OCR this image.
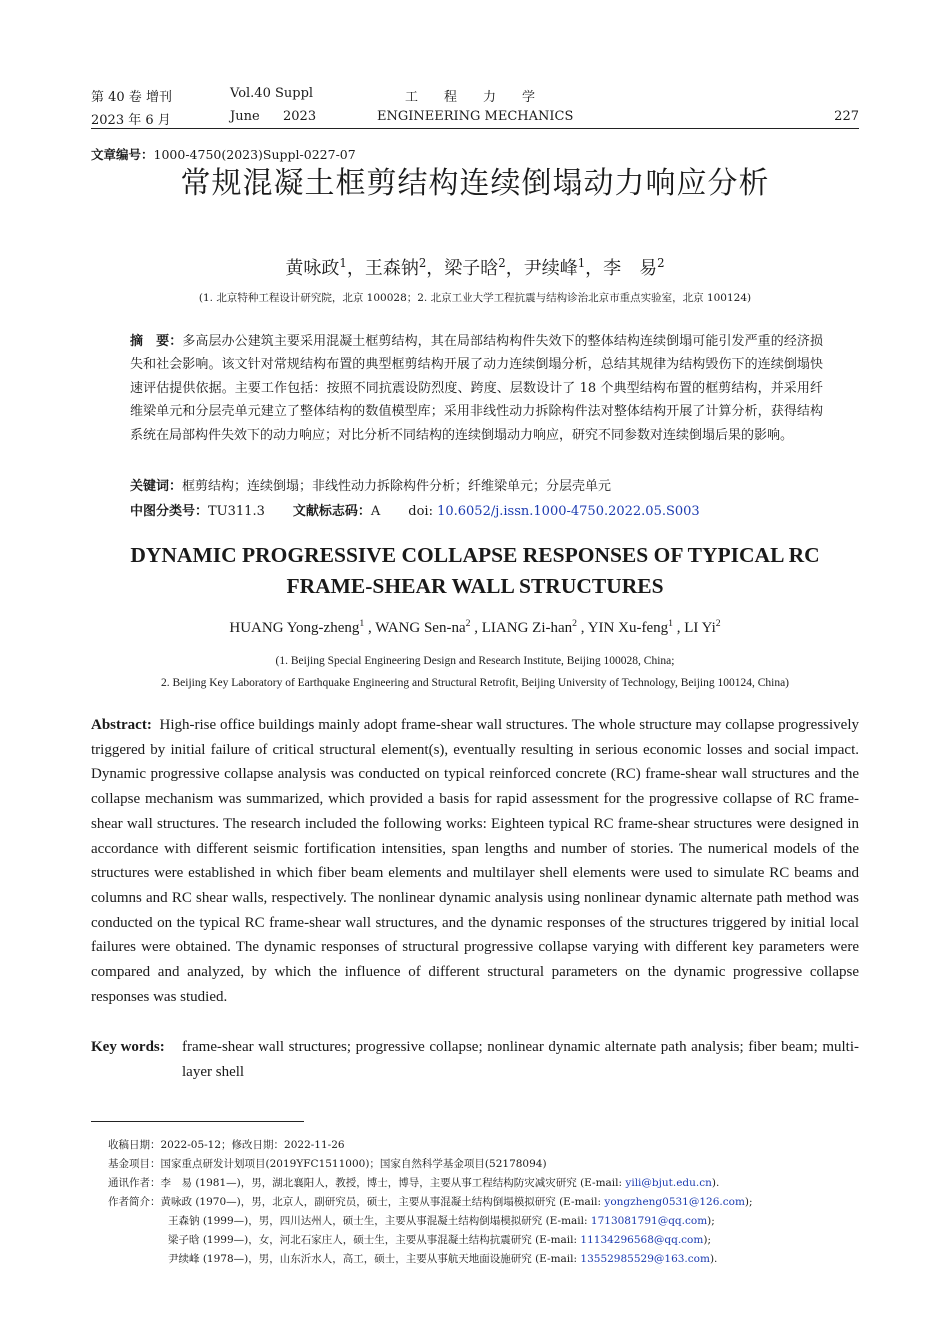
第 40 卷 增刊	Vol.40 Suppl	工　　程　　力　　学
2023 年 6 月	June 2023	ENGINEERING MECHANICS	227
文章编号：1000-4750(2023)Suppl-0227-07
常规混凝土框剪结构连续倒塌动力响应分析
黄咏政$^1$，王森钠$^2$，梁子晗$^2$，尹续峰$^1$，李　易$^2$
(1. 北京特种工程设计研究院，北京 100028；2. 北京工业大学工程抗震与结构诊治北京市重点实验室，北京 100124)
摘　要：多高层办公建筑主要采用混凝土框剪结构，其在局部结构构件失效下的整体结构连续倒塌可能引发严重的经济损失和社会影响。该文针对常规结构布置的典型框剪结构开展了动力连续倒塌分析，总结其规律为结构毁伤下的连续倒塌快速评估提供依据。主要工作包括：按照不同抗震设防烈度、跨度、层数设计了 18 个典型结构布置的框剪结构，并采用纤维梁单元和分层壳单元建立了整体结构的数值模型库；采用非线性动力拆除构件法对整体结构开展了计算分析，获得结构系统在局部构件失效下的动力响应；对比分析不同结构的连续倒塌动力响应，研究不同参数对连续倒塌后果的影响。
关键词：框剪结构；连续倒塌；非线性动力拆除构件分析；纤维梁单元；分层壳单元
中图分类号：TU311.3 文献标志码：A doi: 10.6052/j.issn.1000-4750.2022.05.S003
DYNAMIC PROGRESSIVE COLLAPSE RESPONSES OF TYPICAL RC
FRAME-SHEAR WALL STRUCTURES
HUANG Yong-zheng$^1$ , WANG Sen-$na^2$ , LIANG Zi-han$^2$ , YIN Xu-feng$^1$ , LI Yi$^2$
(1. Beijing Special Engineering Design and Research Institute, Beijing 100028, China;
2. Beijing Key Laboratory of Earthquake Engineering and Structural Retrofit, Beijing University of Technology, Beijing 100124, China)
Abstract: High-rise office buildings mainly adopt frame-shear wall structures. The whole structure may collapse progressively triggered by initial failure of critical structural element(s), eventually resulting in serious economic losses and social impact. Dynamic progressive collapse analysis was conducted on typical reinforced concrete (RC) frame-shear wall structures and the collapse mechanism was summarized, which provided a basis for rapid assessment for the progressive collapse of RC frame-shear wall structures. The research included the following works: Eighteen typical RC frame-shear structures were designed in accordance with different seismic fortification intensities, span lengths and number of stories. The numerical models of the structures were established in which fiber beam elements and multilayer shell elements were used to simulate RC beams and columns and RC shear walls, respectively. The nonlinear dynamic analysis using nonlinear dynamic alternate path method was conducted on the typical RC frame-shear wall structures, and the dynamic responses of the structures triggered by initial local failures were obtained. The dynamic responses of structural progressive collapse varying with different key parameters were compared and analyzed, by which the influence of different structural parameters on the dynamic progressive collapse responses was studied.
Key words: frame-shear wall structures; progressive collapse; nonlinear dynamic alternate path analysis; fiber beam; multi-layer shell
收稿日期：2022-05-12；修改日期：2022-11-26
基金项目：国家重点研发计划项目(2019YFC1511000)；国家自然科学基金项目(52178094)
通讯作者：李　易 (1981—)，男，湖北襄阳人，教授，博士，博导，主要从事工程结构防灾减灾研究 (E-mail: yili@bjut.edu.cn).
作者简介：黄咏政 (1970—)，男，北京人，副研究员，硕士，主要从事混凝土结构倒塌模拟研究 (E-mail: yongzheng0531@126.com);
王森钠 (1999—)，男，四川达州人，硕士生，主要从事混凝土结构倒塌模拟研究 (E-mail: 1713081791@qq.com);
梁子晗 (1999—)，女，河北石家庄人，硕士生，主要从事混凝土结构抗震研究 (E-mail: 11134296568@qq.com);
尹续峰 (1978—)，男，山东沂水人，高工，硕士，主要从事航天地面设施研究 (E-mail: 13552985529@163.com).
